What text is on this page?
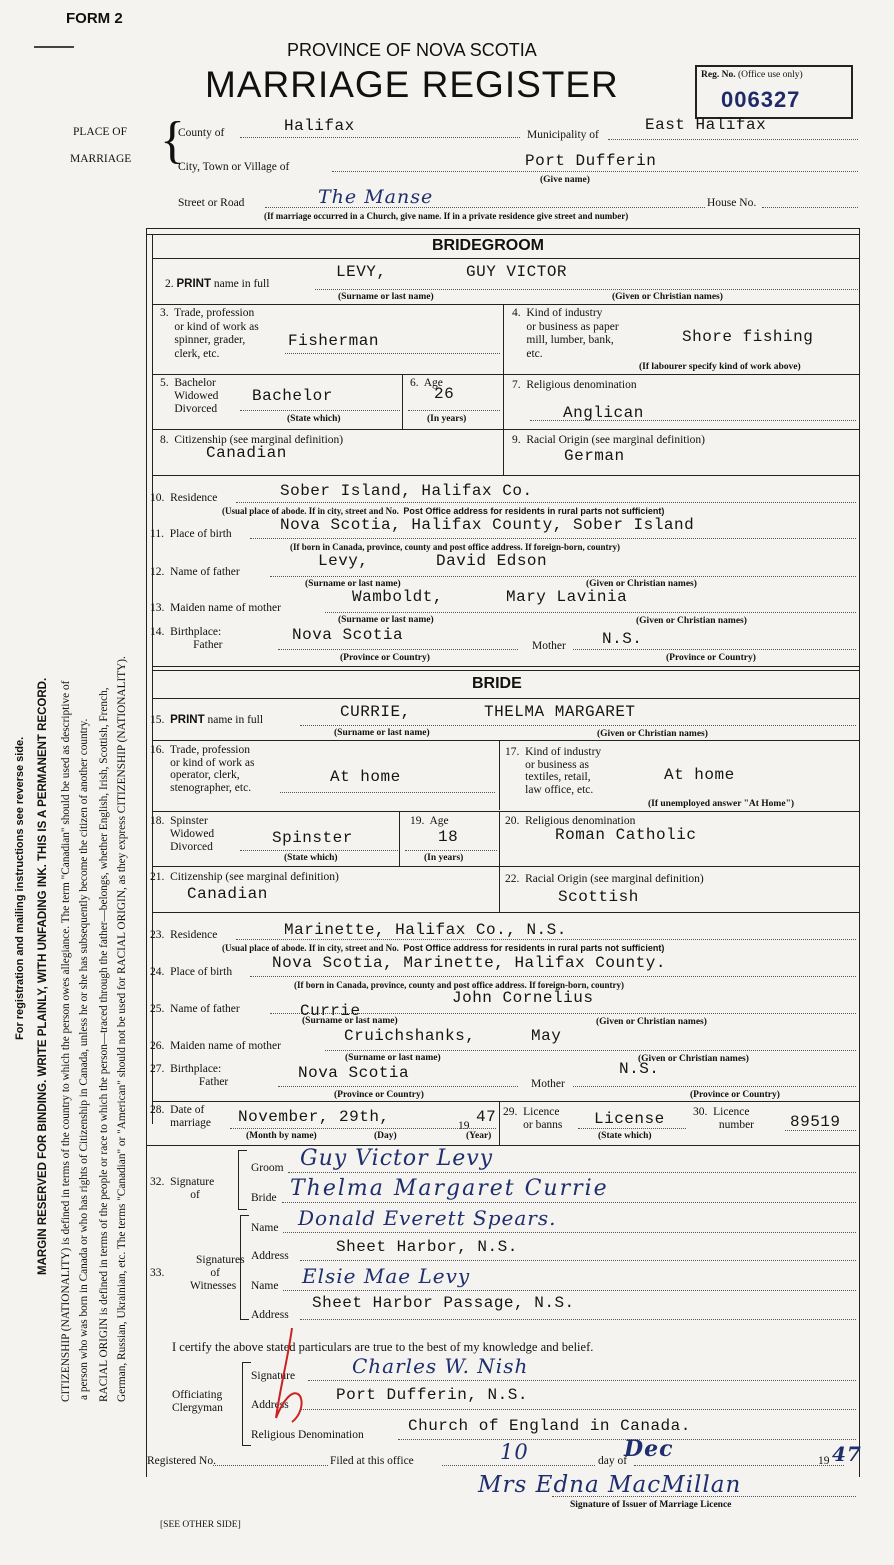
FORM 2
PROVINCE OF NOVA SCOTIA
MARRIAGE REGISTER	Reg. No. (Office use only)
006327
For registration and mailing instructions see reverse side. MARGIN RESERVED FOR BINDING. WRITE PLAINLY, WITH UNFADING INK. THIS IS A PERMANENT RECORD. CITIZENSHIP (NATIONALITY) is defined in terms of the country to which the person owes allegiance. The term "Canadian" should be used as descriptive of a person who was born in Canada or who has rights of Citizenship in Canada, unless he or she has subsequently become the citizen of another country. RACIAL ORIGIN is defined in terms of the people or race to which the person—traced through the father—belongs, whether English, Irish, Scottish, French, German, Russian, Ukrainian, etc. The terms "Canadian" or "American" should not be used for RACIAL ORIGIN, as they express CITIZENSHIP (NATIONALITY).
PLACE OF
MARRIAGE {
County of	Halifax	Municipality of
East Halifax
City, Town or Village of	Port Dufferin
(Give name)
Street or Road	The Manse	House No.
(If marriage occurred in a Church, give name. If in a private residence give street and number)
BRIDEGROOM
2. PRINT name in full
LEVY,	GUY VICTOR
(Surname or last name)	(Given or Christian names)
3. Trade, profession
or kind of work as
spinner, grader,
clerk, etc.
Fisherman
4. Kind of industry
or business as paper
mill, lumber, bank,
etc.
Shore fishing
(If labourer specify kind of work above)
5. Bachelor
Widowed
Divorced
Bachelor
(State which)
6. Age
26
(In years)
7. Religious denomination
Anglican
8. Citizenship (see marginal definition)
Canadian
9. Racial Origin (see marginal definition)
German
10. Residence	Sober Island, Halifax Co.
(Usual place of abode. If in city, street and No. Post Office address for residents in rural parts not sufficient)
11. Place of birth	Nova Scotia, Halifax County, Sober Island
(If born in Canada, province, county and post office address. If foreign-born, country)
12. Name of father
Levy,	David Edson
(Surname or last name)	(Given or Christian names)
13. Maiden name of mother
Wamboldt,	Mary Lavinia
(Surname or last name)	(Given or Christian names)
14. Birthplace:
Father
Nova Scotia
Mother N.S.
(Province or Country)	(Province or Country)
BRIDE
15. PRINT name in full	CURRIE,	THELMA MARGARET
(Surname or last name)	(Given or Christian names)
16. Trade, profession
or kind of work as
operator, clerk,
stenographer, etc.
At home
17. Kind of industry
or business as
textiles, retail,
law office, etc.
At home
(If unemployed answer "At Home")
18. Spinster
Widowed
Divorced	Spinster
(State which)
19. Age
18
(In years)
20. Religious denomination
Roman Catholic
21. Citizenship (see marginal definition)
Canadian
22. Racial Origin (see marginal definition)
Scottish
23. Residence	Marinette, Halifax Co., N.S.
(Usual place of abode. If in city, street and No. Post Office address for residents in rural parts not sufficient)
24. Place of birth Nova Scotia, Marinette, Halifax County.
(If born in Canada, province, county and post office address. If foreign-born, country)
25. Name of father	Currie
John Cornelius
(Surname or last name)	(Given or Christian names)
26. Maiden name of mother
Cruichshanks,	May
(Surname or last name)	(Given or Christian names)
27. Birthplace:
Father	Nova Scotia
Mother
N.S.
(Province or Country)	(Province or Country)
28. Date of
marriage November, 29th,	19 47
(Month by name)	(Day)	(Year)
29. Licence
or banns License
(State which)
30. Licence
number 89519
32. Signature
of
Groom Guy Victor Levy
Bride Thelma Margaret Currie
Signatures
33.	of
Witnesses
Name Donald Everett Spears.
Address	Sheet Harbor, N.S.
Name Elsie Mae Levy
Address
Sheet Harbor Passage, N.S.
I certify the above stated particulars are true to the best of my knowledge and belief.
Officiating
Clergyman
Signature	Charles W. Nish
Address
Port Dufferin, N.S.
Religious Denomination	Church of England in Canada.
Registered No.	Filed at this office	10	day of
Dec	19 47
Mrs Edna MacMillan
Signature of Issuer of Marriage Licence
[SEE OTHER SIDE]
